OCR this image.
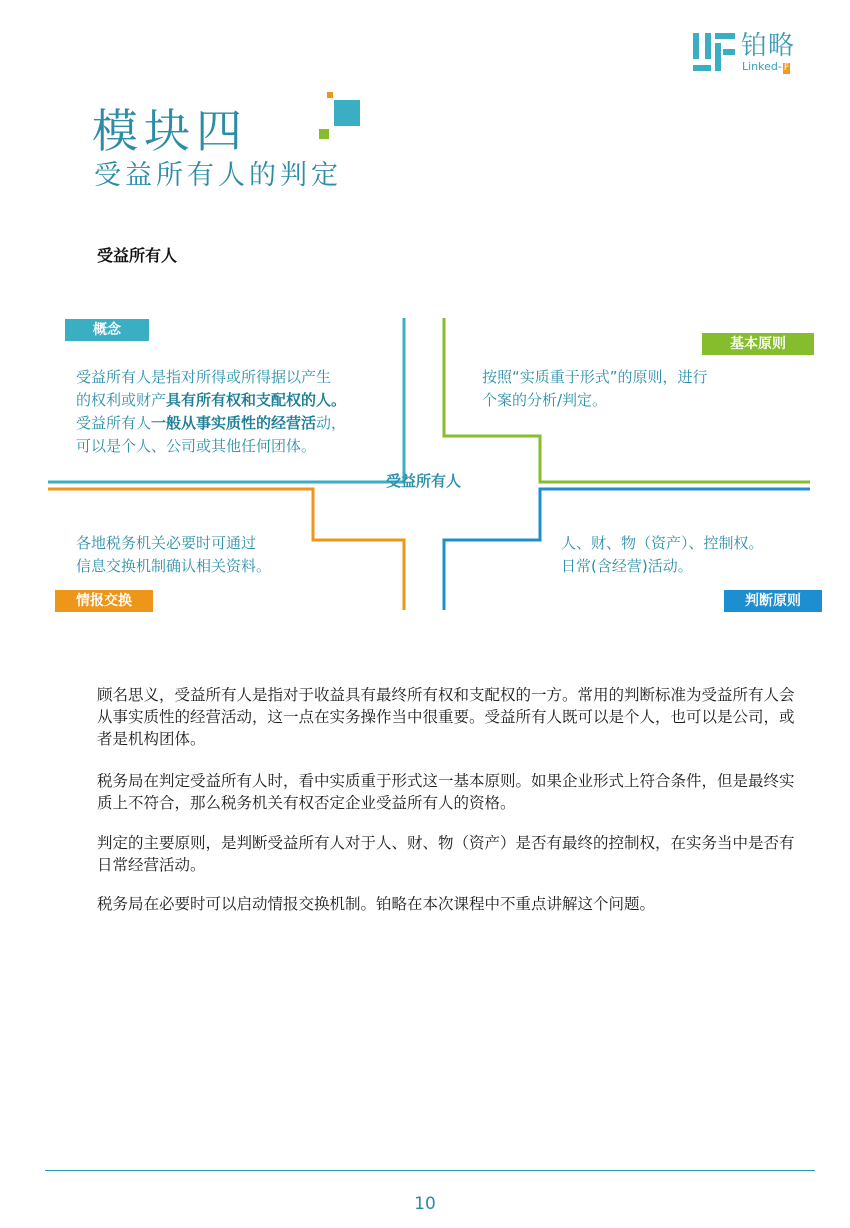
铂略
Linked- F
模块四
受益所有人的判定
受益所有人
概念
基本原则
情报交换	判断原则
受益所有人是指对所得或所得据以产生
的权利或财产具有所有权和支配权的人。
受益所有人一般从事实质性的经营活动，
可以是个人、公司或其他任何团体。
按照“实质重于形式”的原则，进行
个案的分析/判定。
受益所有人
各地税务机关必要时可通过
信息交换机制确认相关资料。
人、财、物（资产）、控制权。
日常(含经营)活动。

顾名思义，受益所有人是指对于收益具有最终所有权和支配权的一方。常用的判断标准为受益所有人会从事实质性的经营活动，这一点在实务操作当中很重要。受益所有人既可以是个人，也可以是公司，或者是机构团体。

税务局在判定受益所有人时，看中实质重于形式这一基本原则。如果企业形式上符合条件，但是最终实质上不符合，那么税务机关有权否定企业受益所有人的资格。

判定的主要原则，是判断受益所有人对于人、财、物（资产）是否有最终的控制权，在实务当中是否有日常经营活动。

税务局在必要时可以启动情报交换机制。铂略在本次课程中不重点讲解这个问题。

10
